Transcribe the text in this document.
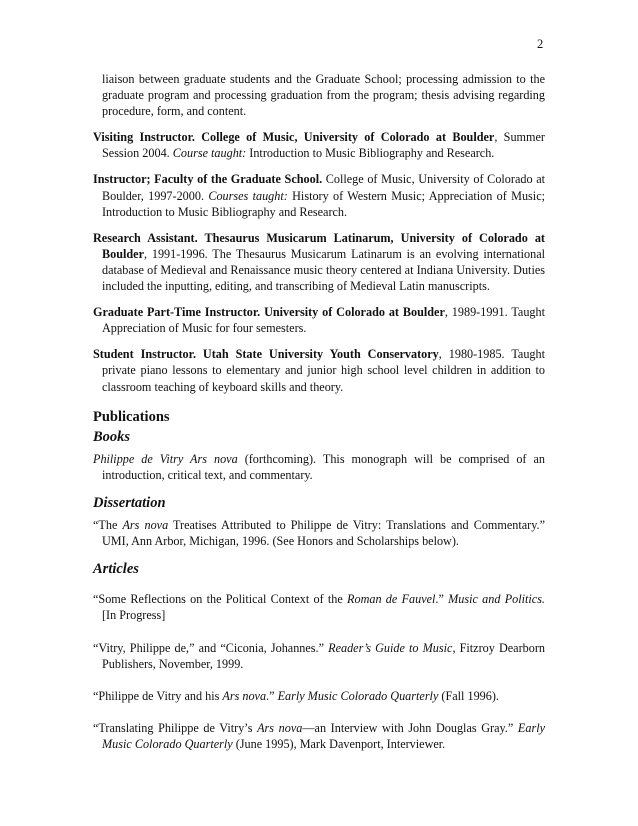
2

liaison between graduate students and the Graduate School; processing admission to the graduate program and processing graduation from the program; thesis advising regarding procedure, form, and content.

Visiting Instructor. College of Music, University of Colorado at Boulder, Summer Session 2004. Course taught: Introduction to Music Bibliography and Research.

Instructor; Faculty of the Graduate School. College of Music, University of Colorado at Boulder, 1997-2000. Courses taught: History of Western Music; Appreciation of Music; Introduction to Music Bibliography and Research.

Research Assistant. Thesaurus Musicarum Latinarum, University of Colorado at Boulder, 1991-1996. The Thesaurus Musicarum Latinarum is an evolving international database of Medieval and Renaissance music theory centered at Indiana University. Duties included the inputting, editing, and transcribing of Medieval Latin manuscripts.

Graduate Part-Time Instructor. University of Colorado at Boulder, 1989-1991. Taught Appreciation of Music for four semesters.

Student Instructor. Utah State University Youth Conservatory, 1980-1985. Taught private piano lessons to elementary and junior high school level children in addition to classroom teaching of keyboard skills and theory.

Publications
Books

Philippe de Vitry Ars nova (forthcoming). This monograph will be comprised of an introduction, critical text, and commentary.

Dissertation

“The Ars nova Treatises Attributed to Philippe de Vitry: Translations and Commentary.” UMI, Ann Arbor, Michigan, 1996. (See Honors and Scholarships below).

Articles

“Some Reflections on the Political Context of the Roman de Fauvel.” Music and Politics. [In Progress]

“Vitry, Philippe de,” and “Ciconia, Johannes.” Reader’s Guide to Music, Fitzroy Dearborn Publishers, November, 1999.

“Philippe de Vitry and his Ars nova.” Early Music Colorado Quarterly (Fall 1996).

“Translating Philippe de Vitry’s Ars nova—an Interview with John Douglas Gray.” Early Music Colorado Quarterly (June 1995), Mark Davenport, Interviewer.
